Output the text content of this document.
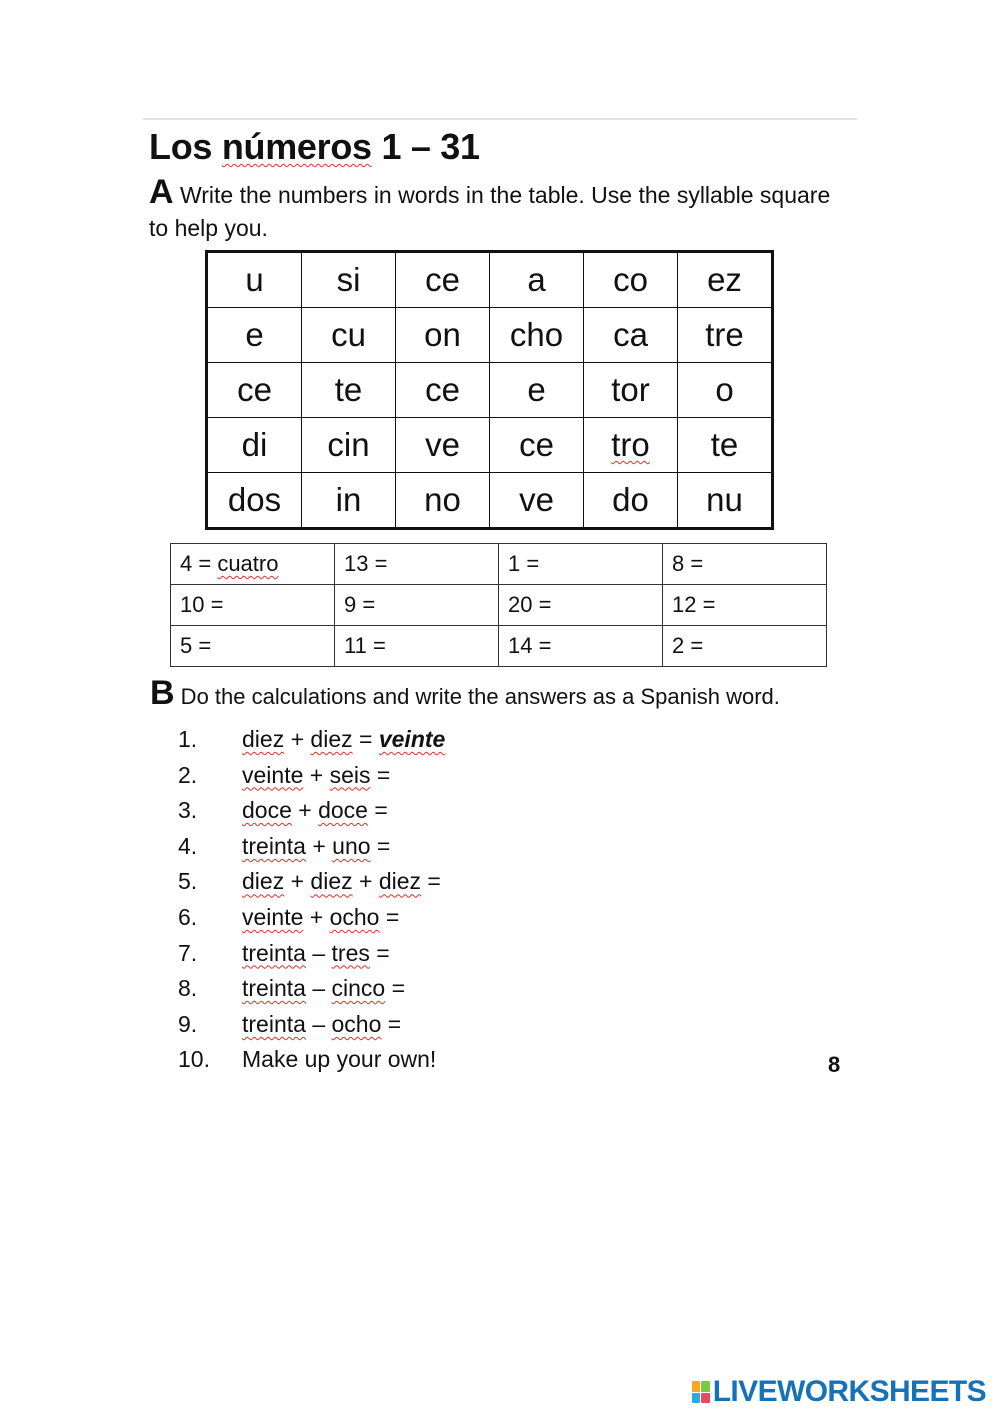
Los números 1 – 31
A Write the numbers in words in the table. Use the syllable square to help you.
u	si	ce	a	co	ez
e	cu	on	cho	ca	tre
ce	te	ce	e	tor	o
di	cin	ve	ce	tro	te
dos	in	no	ve	do	nu
4 = cuatro	13 =	1 =	8 =
10 =	9 =	20 =	12 =
5 =	11 =	14 =	2 =
B Do the calculations and write the answers as a Spanish word.
1. diez + diez = veinte
2. veinte + seis =
3. doce + doce =
4. treinta + uno =
5. diez + diez + diez =
6. veinte + ocho =
7. treinta – tres =
8. treinta – cinco =
9. treinta – ocho =
10. Make up your own!	8
LIVEWORKSHEETS
